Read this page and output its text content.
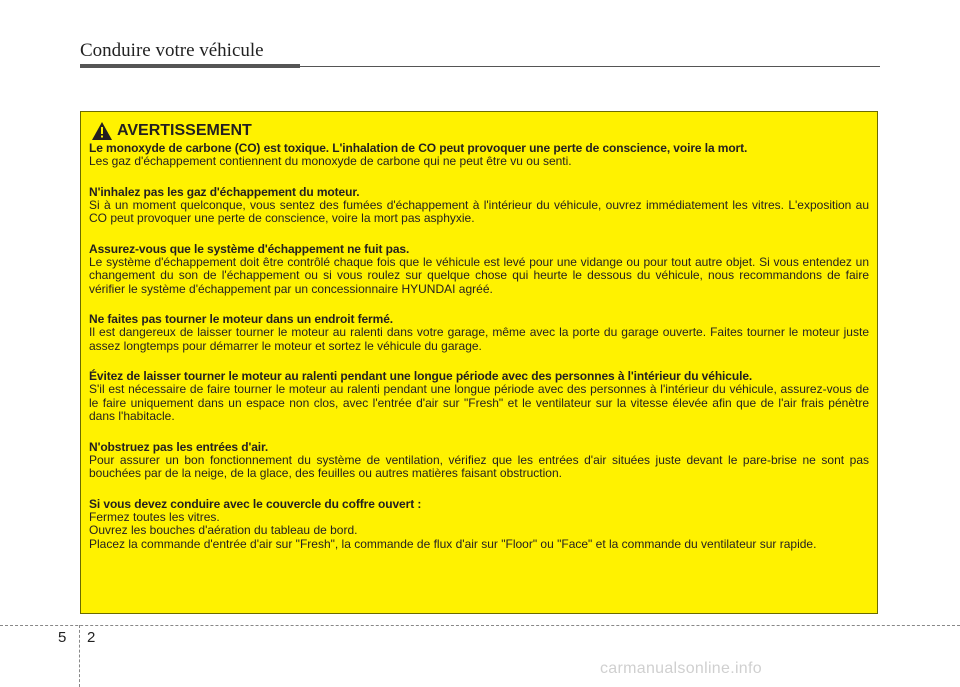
Conduire votre véhicule
AVERTISSEMENT
Le monoxyde de carbone (CO) est toxique. L'inhalation de CO peut provoquer une perte de conscience, voire la mort.
Les gaz d'échappement contiennent du monoxyde de carbone qui ne peut être vu ou senti.
N'inhalez pas les gaz d'échappement du moteur.
Si à un moment quelconque, vous sentez des fumées d'échappement à l'intérieur du véhicule, ouvrez immédiatement les vitres. L'exposition au CO peut provoquer une perte de conscience, voire la mort pas asphyxie.
Assurez-vous que le système d'échappement ne fuit pas.
Le système d'échappement doit être contrôlé chaque fois que le véhicule est levé pour une vidange ou pour tout autre objet. Si vous entendez un changement du son de l'échappement ou si vous roulez sur quelque chose qui heurte le dessous du véhicule, nous recommandons de faire vérifier le système d'échappement par un concessionnaire HYUNDAI agréé.
Ne faites pas tourner le moteur dans un endroit fermé.
Il est dangereux de laisser tourner le moteur au ralenti dans votre garage, même avec la porte du garage ouverte. Faites tourner le moteur juste assez longtemps pour démarrer le moteur et sortez le véhicule du garage.
Évitez de laisser tourner le moteur au ralenti pendant une longue période avec des personnes à l'intérieur du véhicule.
S'il est nécessaire de faire tourner le moteur au ralenti pendant une longue période avec des personnes à l'intérieur du véhicule, assurez-vous de le faire uniquement dans un espace non clos, avec l'entrée d'air sur "Fresh" et le ventilateur sur la vitesse élevée afin que de l'air frais pénètre dans l'habitacle.
N'obstruez pas les entrées d'air.
Pour assurer un bon fonctionnement du système de ventilation, vérifiez que les entrées d'air situées juste devant le pare-brise ne sont pas bouchées par de la neige, de la glace, des feuilles ou autres matières faisant obstruction.
Si vous devez conduire avec le couvercle du coffre ouvert :
Fermez toutes les vitres.
Ouvrez les bouches d'aération du tableau de bord.
Placez la commande d'entrée d'air sur "Fresh", la commande de flux d'air sur "Floor" ou "Face" et la commande du ventilateur sur rapide.
5 2
carmanualsonline.info
